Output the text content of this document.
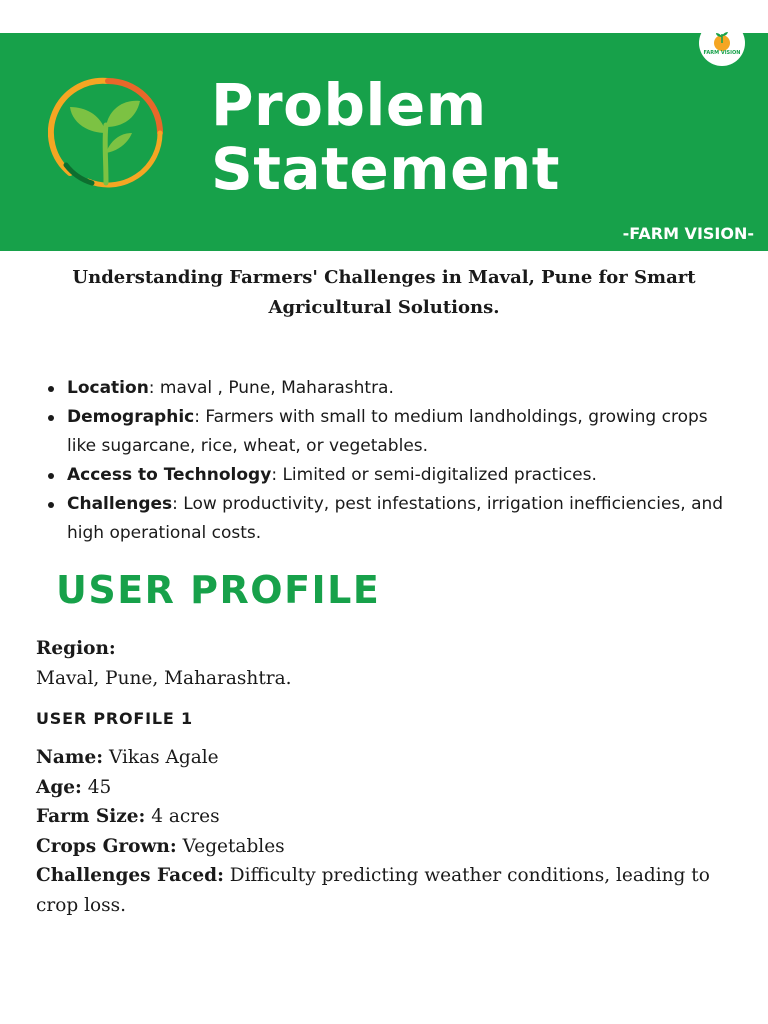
Problem
Statement
-FARM VISION-
FARM VISION
Understanding Farmers' Challenges in Maval, Pune for Smart Agricultural Solutions.
Location: maval , Pune, Maharashtra.
Demographic: Farmers with small to medium landholdings, growing crops like sugarcane, rice, wheat, or vegetables.
Access to Technology: Limited or semi-digitalized practices.
Challenges: Low productivity, pest infestations, irrigation inefficiencies, and high operational costs.
USER PROFILE
Region:
Maval, Pune, Maharashtra.
USER PROFILE 1
Name: Vikas Agale
Age: 45
Farm Size: 4 acres
Crops Grown: Vegetables
Challenges Faced: Difficulty predicting weather conditions, leading to crop loss.
